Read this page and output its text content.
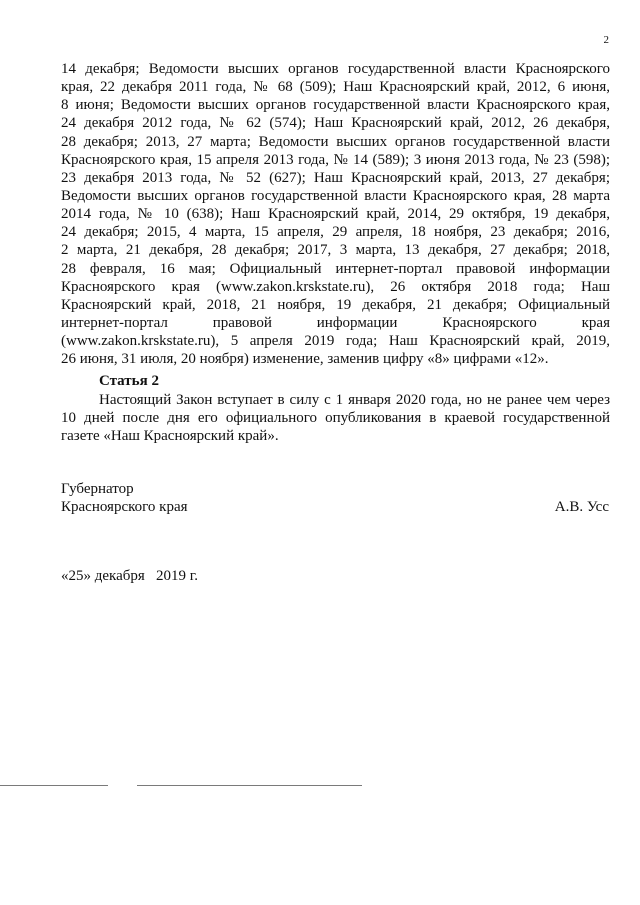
2
14 декабря; Ведомости высших органов государственной власти Красноярского
края, 22 декабря 2011 года, № 68 (509); Наш Красноярский край, 2012, 6 июня,
8 июня; Ведомости высших органов государственной власти Красноярского края,
24 декабря 2012 года, № 62 (574); Наш Красноярский край, 2012, 26 декабря,
28 декабря; 2013, 27 марта; Ведомости высших органов государственной власти
Красноярского края, 15 апреля 2013 года, № 14 (589); 3 июня 2013 года, № 23 (598);
23 декабря 2013 года, № 52 (627); Наш Красноярский край, 2013, 27 декабря;
Ведомости высших органов государственной власти Красноярского края, 28 марта
2014 года, № 10 (638); Наш Красноярский край, 2014, 29 октября, 19 декабря,
24 декабря; 2015, 4 марта, 15 апреля, 29 апреля, 18 ноября, 23 декабря; 2016,
2 марта, 21 декабря, 28 декабря; 2017, 3 марта, 13 декабря, 27 декабря; 2018,
28 февраля, 16 мая; Официальный интернет-портал правовой информации
Красноярского края (www.zakon.krskstate.ru), 26 октября 2018 года; Наш
Красноярский край, 2018, 21 ноября, 19 декабря, 21 декабря; Официальный
интернет-портал правовой информации Красноярского края
(www.zakon.krskstate.ru), 5 апреля 2019 года; Наш Красноярский край, 2019,
26 июня, 31 июля, 20 ноября) изменение, заменив цифру «8» цифрами «12».
Статья 2
Настоящий Закон вступает в силу с 1 января 2020 года, но не ранее чем через
10 дней после дня его официального опубликования в краевой государственной
газете «Наш Красноярский край».
Губернатор
Красноярского края	А.В. Усс
«25» декабря   2019 г.
